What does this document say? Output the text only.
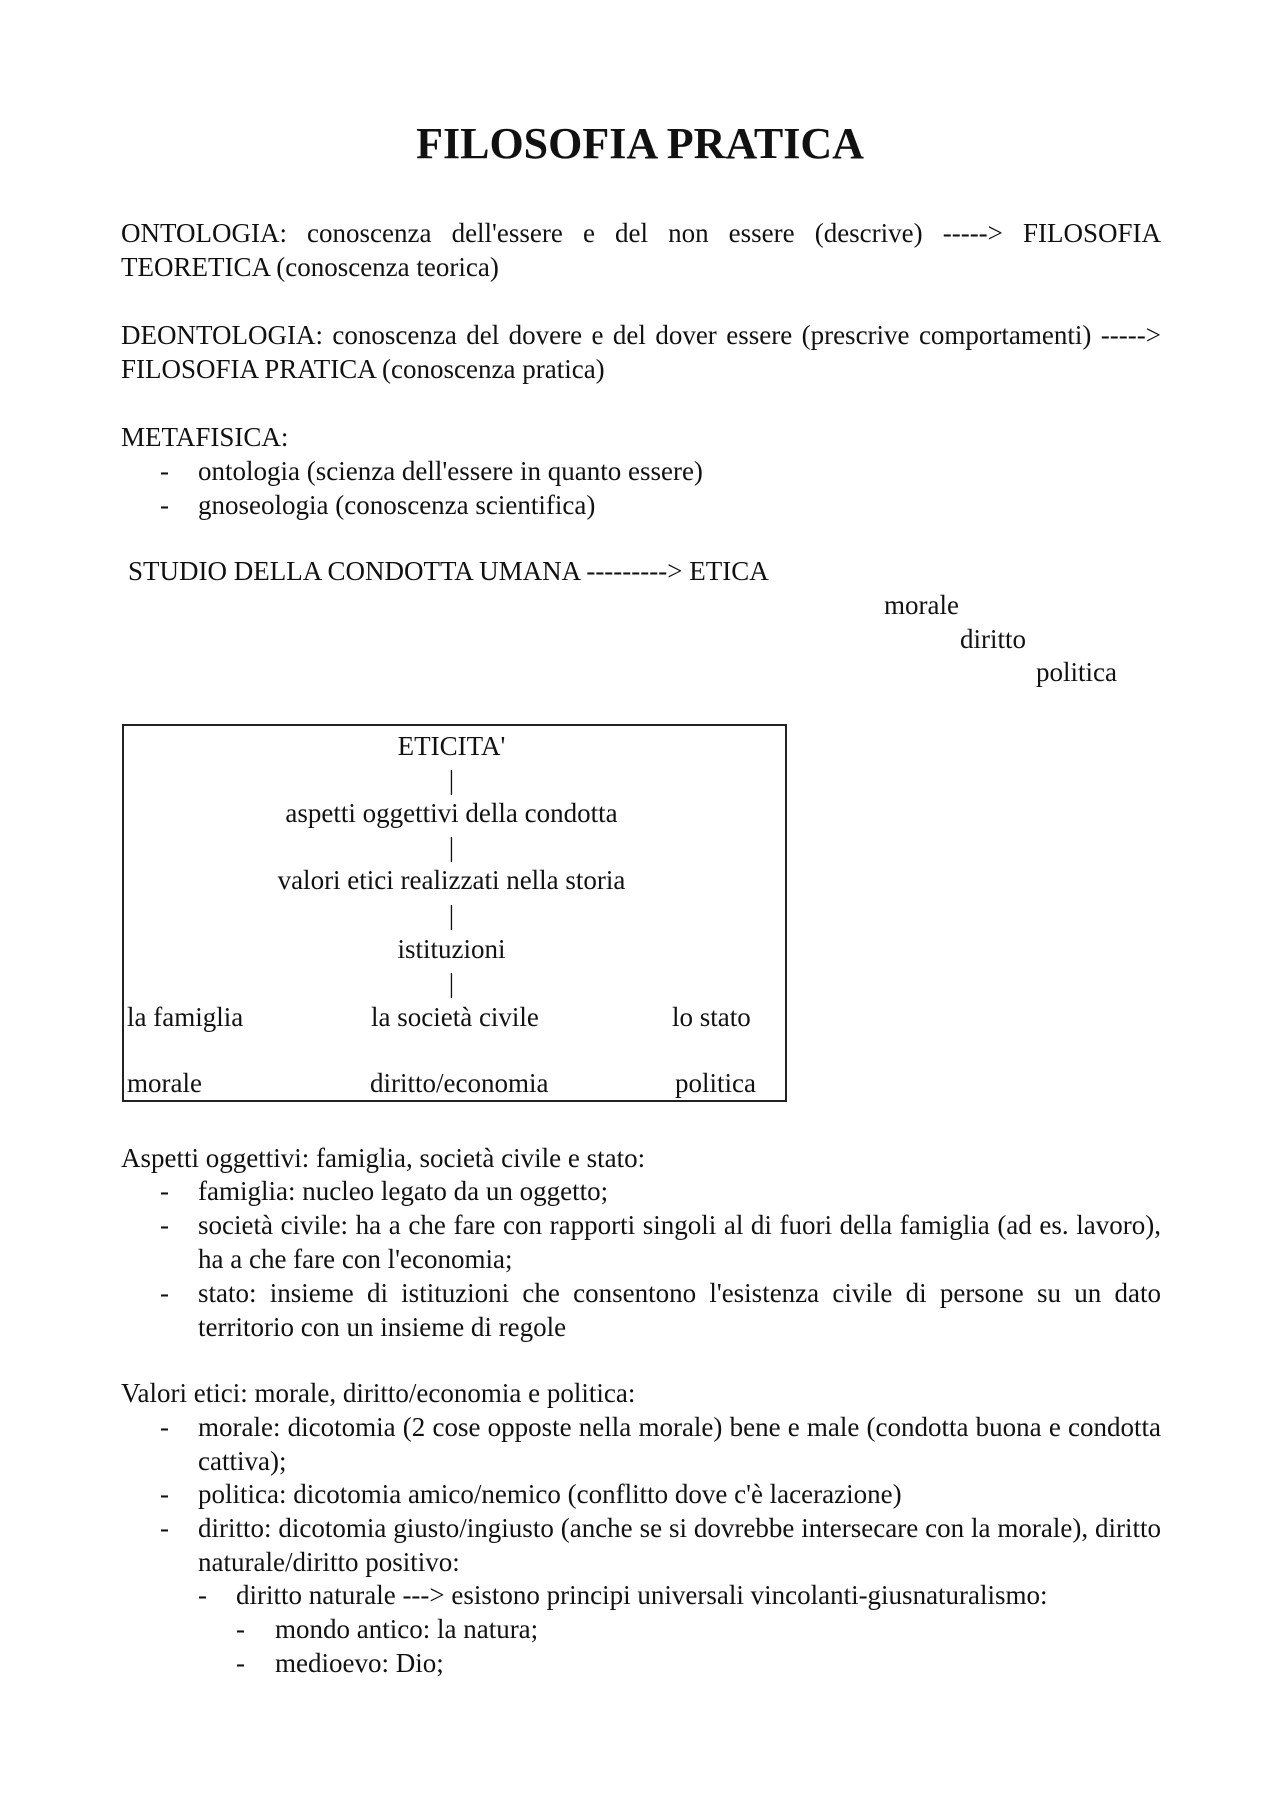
FILOSOFIA PRATICA

ONTOLOGIA: conoscenza dell'essere e del non essere (descrive) -----> FILOSOFIA TEORETICA (conoscenza teorica)

DEONTOLOGIA: conoscenza del dovere e del dover essere (prescrive comportamenti) -----> FILOSOFIA PRATICA (conoscenza pratica)

METAFISICA:

- ontologia (scienza dell'essere in quanto essere)
- gnoseologia (conoscenza scientifica)

STUDIO DELLA CONDOTTA UMANA ---------> ETICA

morale
diritto
politica
ETICITA'
|
aspetti oggettivi della condotta
|
valori etici realizzati nella storia
|
istituzioni
|
la famiglia	la società civile	lo stato
morale	diritto/economia	politica

Aspetti oggettivi: famiglia, società civile e stato:

- famiglia: nucleo legato da un oggetto;
- società civile: ha a che fare con rapporti singoli al di fuori della famiglia (ad es. lavoro), ha a che fare con l'economia;
- stato: insieme di istituzioni che consentono l'esistenza civile di persone su un dato territorio con un insieme di regole

Valori etici: morale, diritto/economia e politica:

- morale: dicotomia (2 cose opposte nella morale) bene e male (condotta buona e condotta cattiva);
- politica: dicotomia amico/nemico (conflitto dove c'è lacerazione)
- diritto: dicotomia giusto/ingiusto (anche se si dovrebbe intersecare con la morale), diritto naturale/diritto positivo:
- diritto naturale ---> esistono principi universali vincolanti-giusnaturalismo:
- mondo antico: la natura;
- medioevo: Dio;
